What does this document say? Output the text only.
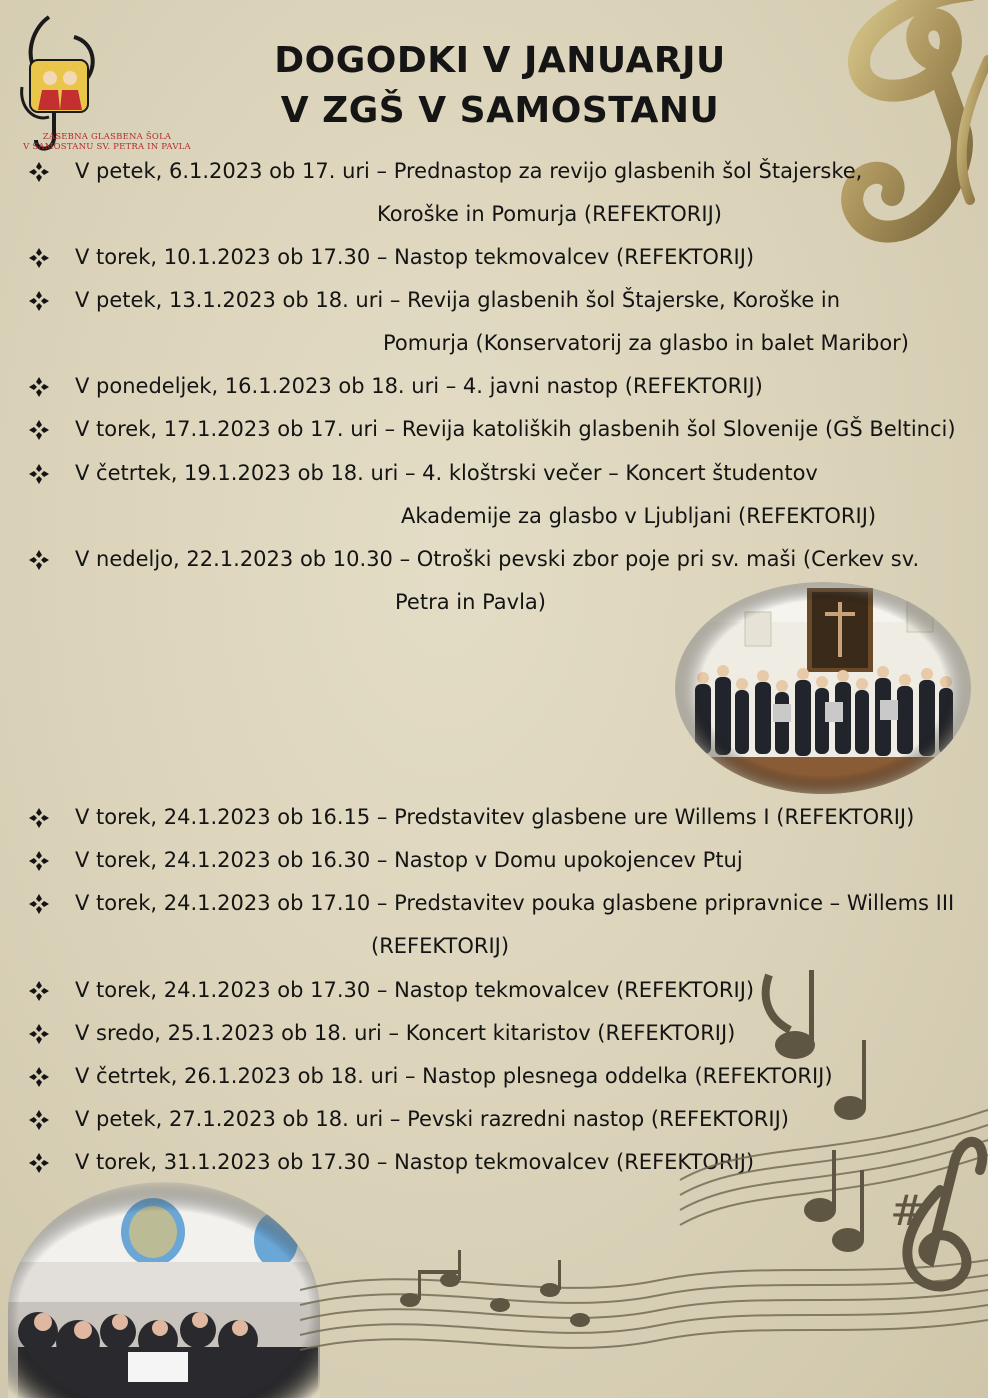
ZASEBNA GLASBENA ŠOLA
V SAMOSTANU SV. PETRA IN PAVLA
DOGODKI V JANUARJU
V ZGŠ V SAMOSTANU
V petek, 6.1.2023 ob 17. uri – Prednastop za revijo glasbenih šol Štajerske,
Koroške in Pomurja (REFEKTORIJ)
V torek, 10.1.2023 ob 17.30 – Nastop tekmovalcev (REFEKTORIJ)
V petek, 13.1.2023 ob 18. uri – Revija glasbenih šol Štajerske, Koroške in
Pomurja (Konservatorij za glasbo in balet Maribor)
V ponedeljek, 16.1.2023 ob 18. uri – 4. javni nastop (REFEKTORIJ)
V torek, 17.1.2023 ob 17. uri – Revija katoliških glasbenih šol Slovenije (GŠ Beltinci)
V četrtek, 19.1.2023 ob 18. uri – 4. kloštrski večer – Koncert študentov
Akademije za glasbo v Ljubljani (REFEKTORIJ)
V nedeljo, 22.1.2023 ob 10.30 – Otroški pevski zbor poje pri sv. maši (Cerkev sv.
Petra in Pavla)
V torek, 24.1.2023 ob 16.15 – Predstavitev glasbene ure Willems I (REFEKTORIJ)
V torek, 24.1.2023 ob 16.30 – Nastop v Domu upokojencev Ptuj
V torek, 24.1.2023 ob 17.10 – Predstavitev pouka glasbene pripravnice – Willems III
(REFEKTORIJ)
V torek, 24.1.2023 ob 17.30 – Nastop tekmovalcev (REFEKTORIJ)
V sredo, 25.1.2023 ob 18. uri – Koncert kitaristov (REFEKTORIJ)
V četrtek, 26.1.2023 ob 18. uri – Nastop plesnega oddelka (REFEKTORIJ)
V petek, 27.1.2023 ob 18. uri – Pevski razredni nastop (REFEKTORIJ)
V torek, 31.1.2023 ob 17.30 – Nastop tekmovalcev (REFEKTORIJ)
#
